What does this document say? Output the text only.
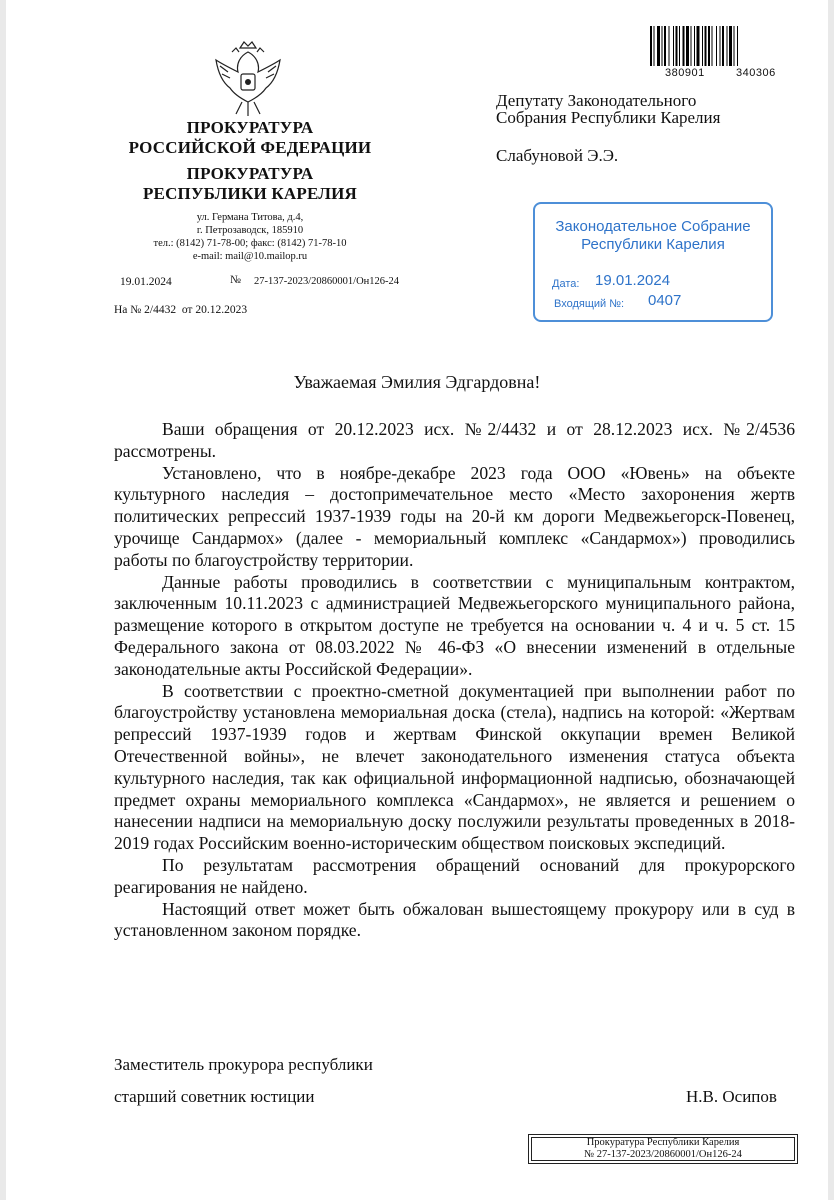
380901	340306
ПРОКУРАТУРА
РОССИЙСКОЙ ФЕДЕРАЦИИ
ПРОКУРАТУРА
РЕСПУБЛИКИ КАРЕЛИЯ
ул. Германа Титова, д.4,
г. Петрозаводск, 185910
тел.: (8142) 71-78-00; факс: (8142) 71-78-10
e-mail: mail@10.mailop.ru
19.01.2024	№ 27-137-2023/20860001/Он126-24
На № 2/4432  от 20.12.2023
Депутату Законодательного
Собрания Республики Карелия
Слабуновой Э.Э.
Законодательное Собрание
Республики Карелия
Дата: 19.01.2024
Входящий №: 0407
Уважаемая Эмилия Эдгардовна!

Ваши обращения от 20.12.2023 исх. №2/4432 и от 28.12.2023 исх. №2/4536 рассмотрены.

Установлено, что в ноябре-декабре 2023 года ООО «Ювень» на объекте культурного наследия – достопримечательное место «Место захоронения жертв политических репрессий 1937-1939 годы на 20-й км дороги Медвежьегорск-Повенец, урочище Сандармох» (далее - мемориальный комплекс «Сандармох») проводились работы по благоустройству территории.

Данные работы проводились в соответствии с муниципальным контрактом, заключенным 10.11.2023 с администрацией Медвежьегорского муниципального района, размещение которого в открытом доступе не требуется на основании ч. 4 и ч. 5 ст. 15 Федерального закона от 08.03.2022 № 46-ФЗ «О внесении изменений в отдельные законодательные акты Российской Федерации».

В соответствии с проектно-сметной документацией при выполнении работ по благоустройству установлена мемориальная доска (стела), надпись на которой: «Жертвам репрессий 1937-1939 годов и жертвам Финской оккупации времен Великой Отечественной войны», не влечет законодательного изменения статуса объекта культурного наследия, так как официальной информационной надписью, обозначающей предмет охраны мемориального комплекса «Сандармох», не является и решением о нанесении надписи на мемориальную доску послужили результаты проведенных в 2018-2019 годах Российским военно-историческим обществом поисковых экспедиций.

По результатам рассмотрения обращений оснований для прокурорского реагирования не найдено.

Настоящий ответ может быть обжалован вышестоящему прокурору или в суд в установленном законом порядке.

Заместитель прокурора республики
старший советник юстиции	Н.В. Осипов
Прокуратура Республики Карелия
№ 27-137-2023/20860001/Он126-24
